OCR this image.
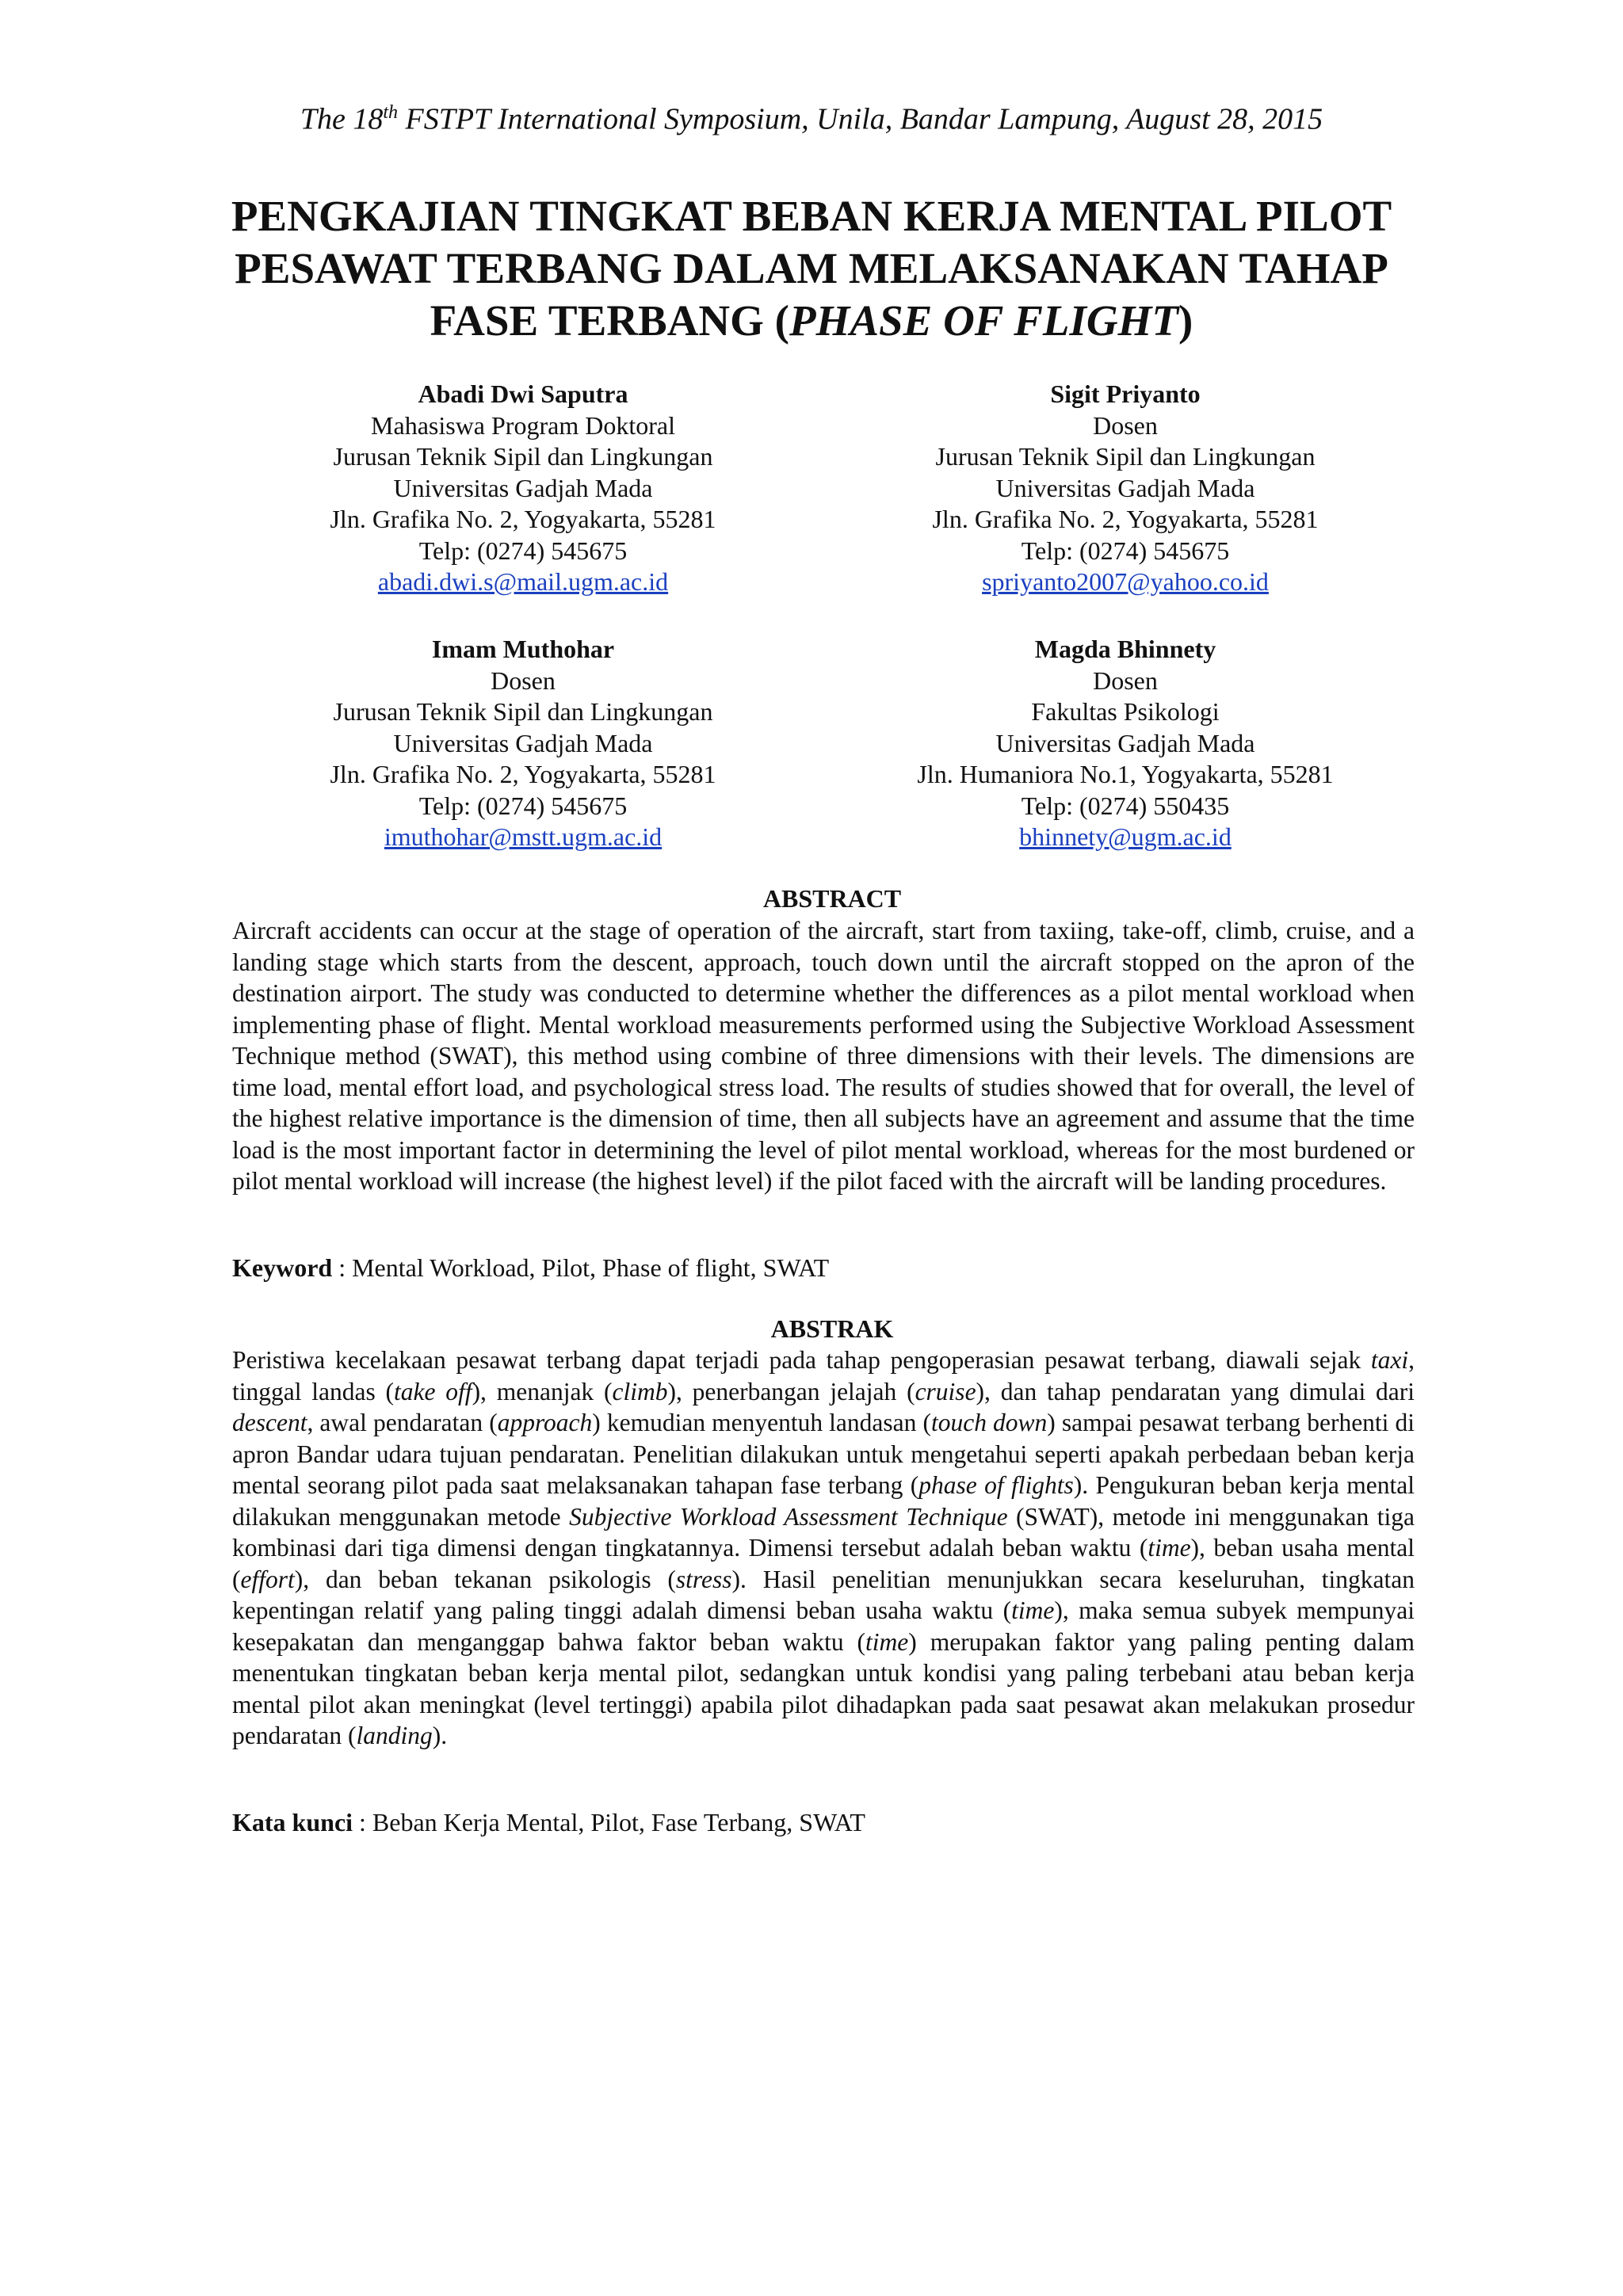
The 18th FSTPT International Symposium, Unila, Bandar Lampung, August 28, 2015
PENGKAJIAN TINGKAT BEBAN KERJA MENTAL PILOT
PESAWAT TERBANG DALAM MELAKSANAKAN TAHAP
FASE TERBANG (PHASE OF FLIGHT)
Abadi Dwi Saputra
Mahasiswa Program Doktoral
Jurusan Teknik Sipil dan Lingkungan
Universitas Gadjah Mada
Jln. Grafika No. 2, Yogyakarta, 55281
Telp: (0274) 545675
abadi.dwi.s@mail.ugm.ac.id
Sigit Priyanto
Dosen
Jurusan Teknik Sipil dan Lingkungan
Universitas Gadjah Mada
Jln. Grafika No. 2, Yogyakarta, 55281
Telp: (0274) 545675
spriyanto2007@yahoo.co.id
Imam Muthohar
Dosen
Jurusan Teknik Sipil dan Lingkungan
Universitas Gadjah Mada
Jln. Grafika No. 2, Yogyakarta, 55281
Telp: (0274) 545675
imuthohar@mstt.ugm.ac.id
Magda Bhinnety
Dosen
Fakultas Psikologi
Universitas Gadjah Mada
Jln. Humaniora No.1, Yogyakarta, 55281
Telp: (0274) 550435
bhinnety@ugm.ac.id
ABSTRACT
Aircraft accidents can occur at the stage of operation of the aircraft, start from taxiing, take-off, climb, cruise, and a landing stage which starts from the descent, approach, touch down until the aircraft stopped on the apron of the destination airport. The study was conducted to determine whether the differences as a pilot mental workload when implementing phase of flight. Mental workload measurements performed using the Subjective Workload Assessment Technique method (SWAT), this method using combine of three dimensions with their levels. The dimensions are time load, mental effort load, and psychological stress load. The results of studies showed that for overall, the level of the highest relative importance is the dimension of time, then all subjects have an agreement and assume that the time load is the most important factor in determining the level of pilot mental workload, whereas for the most burdened or pilot mental workload will increase (the highest level) if the pilot faced with the aircraft will be landing procedures.
Keyword : Mental Workload, Pilot, Phase of flight, SWAT
ABSTRAK
Peristiwa kecelakaan pesawat terbang dapat terjadi pada tahap pengoperasian pesawat terbang, diawali sejak taxi, tinggal landas (take off), menanjak (climb), penerbangan jelajah (cruise), dan tahap pendaratan yang dimulai dari descent, awal pendaratan (approach) kemudian menyentuh landasan (touch down) sampai pesawat terbang berhenti di apron Bandar udara tujuan pendaratan. Penelitian dilakukan untuk mengetahui seperti apakah perbedaan beban kerja mental seorang pilot pada saat melaksanakan tahapan fase terbang (phase of flights). Pengukuran beban kerja mental dilakukan menggunakan metode Subjective Workload Assessment Technique (SWAT), metode ini menggunakan tiga kombinasi dari tiga dimensi dengan tingkatannya. Dimensi tersebut adalah beban waktu (time), beban usaha mental (effort), dan beban tekanan psikologis (stress). Hasil penelitian menunjukkan secara keseluruhan, tingkatan kepentingan relatif yang paling tinggi adalah dimensi beban usaha waktu (time), maka semua subyek mempunyai kesepakatan dan menganggap bahwa faktor beban waktu (time) merupakan faktor yang paling penting dalam menentukan tingkatan beban kerja mental pilot, sedangkan untuk kondisi yang paling terbebani atau beban kerja mental pilot akan meningkat (level tertinggi) apabila pilot dihadapkan pada saat pesawat akan melakukan prosedur pendaratan (landing).
Kata kunci : Beban Kerja Mental, Pilot, Fase Terbang, SWAT
